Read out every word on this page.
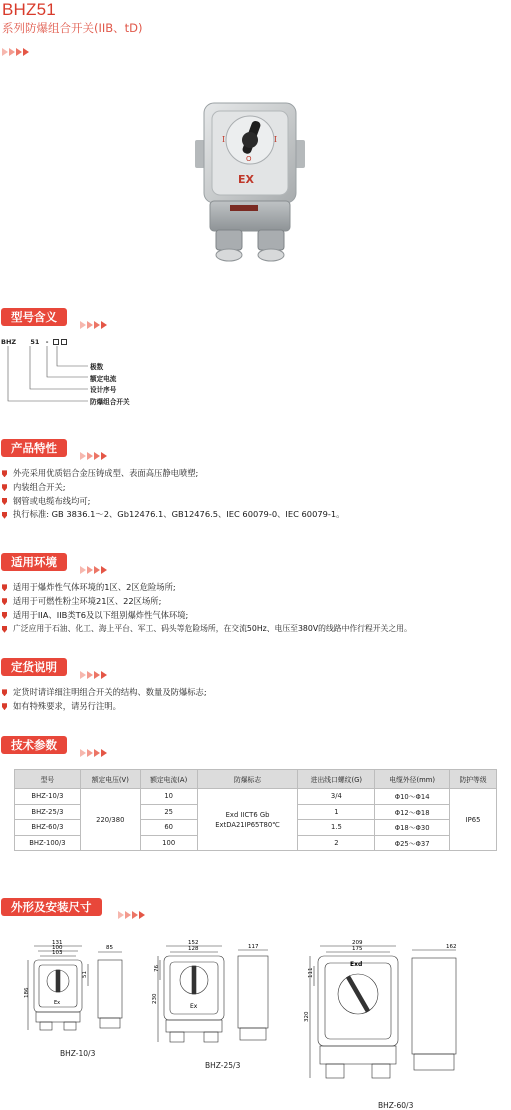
BHZ51
系列防爆组合开关(IIB、tD)
I	I
O
EX
型号含义
BHZ 51 -
极数
额定电流
设计序号
防爆组合开关
产品特性
外壳采用优质铝合金压铸成型、表面高压静电喷塑;
内装组合开关;
钢管或电缆布线均可;
执行标准: GB 3836.1～2、Gb12476.1、GB12476.5、IEC 60079-0、IEC 60079-1。
适用环境
适用于爆炸性气体环境的1区、2区危险场所;
适用于可燃性粉尘环境21区、22区场所;
适用于IIA、IIB类T6及以下组别爆炸性气体环境;
广泛应用于石油、化工、海上平台、军工、码头等危险场所，在交流50Hz、电压至380V的线路中作行程开关之用。
定货说明
定货时请详细注明组合开关的结构、数量及防爆标志;
如有特殊要求，请另行注明。
技术参数
型号	额定电压(V)	额定电流(A)	防爆标志	进出线口螺纹(G)	电缆外径(mm)	防护等级
BHZ-10/3	220/380	10	Exd IICT6 Gb
ExtDA21IP65T80℃	3/4	Φ10～Φ14	IP65
BHZ-25/3		25		1	Φ12～Φ18	
BHZ-60/3		60		1.5	Φ18～Φ30	
BHZ-100/3		100		2	Φ25～Φ37	
外形及安装尺寸
131
100
103
186
85
51
Ex
BHZ-10/3
152
128
230
117
76
Ex
BHZ-25/3
209
175
320
162
111
Exd
BHZ-60/3
